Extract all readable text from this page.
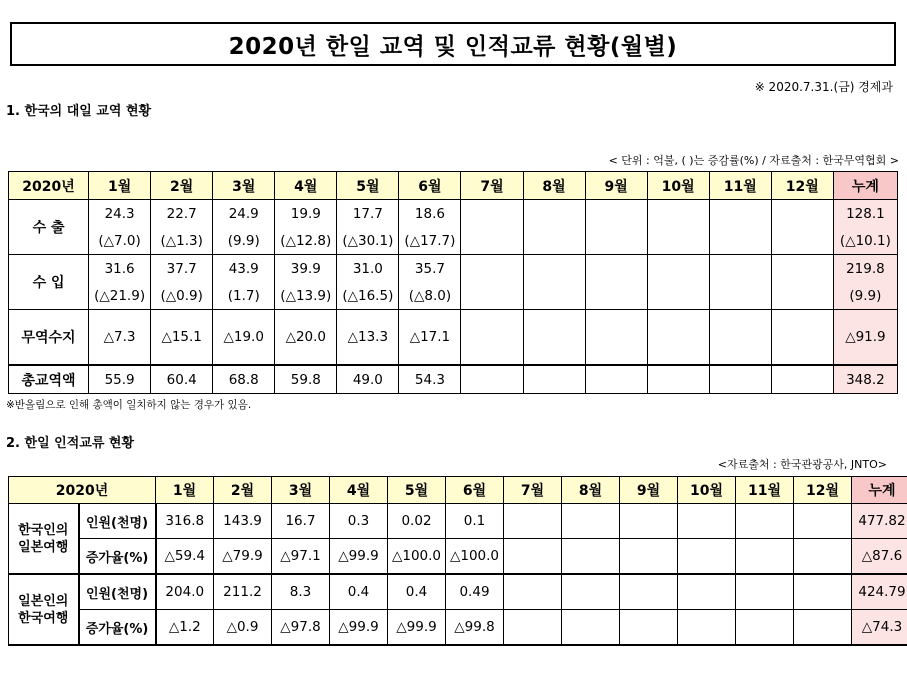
2020년 한일 교역 및 인적교류 현황(월별)
※ 2020.7.31.(금) 경제과
1. 한국의 대일 교역 현황
< 단위 : 억불, ( )는 증감률(%) / 자료출처 : 한국무역협회 >
2020년	1월	2월	3월	4월	5월	6월	7월	8월	9월	10월	11월	12월	누계
수 출	24.3	22.7	24.9	19.9	17.7	18.6							128.1
	(△7.0)	(△1.3)	(9.9)	(△12.8)	(△30.1)	(△17.7)							(△10.1)
수 입	31.6	37.7	43.9	39.9	31.0	35.7							219.8
	(△21.9)	(△0.9)	(1.7)	(△13.9)	(△16.5)	(△8.0)							(9.9)
무역수지	△7.3	△15.1	△19.0	△20.0	△13.3	△17.1							△91.9
총교역액	55.9	60.4	68.8	59.8	49.0	54.3							348.2
※반올림으로 인해 총액이 일치하지 않는 경우가 있음.
2. 한일 인적교류 현황
<자료출처 : 한국관광공사, JNTO>
2020년		1월	2월	3월	4월	5월	6월	7월	8월	9월	10월	11월	12월	누계

한국인의
일본여행	인원(천명)	316.8	143.9	16.7	0.3	0.02	0.1							477.82
	증가율(%)	△59.4	△79.9	△97.1	△99.9	△100.0	△100.0							△87.6

일본인의
한국여행	인원(천명)	204.0	211.2	8.3	0.4	0.4	0.49							424.79
	증가율(%)	△1.2	△0.9	△97.8	△99.9	△99.9	△99.8							△74.3
